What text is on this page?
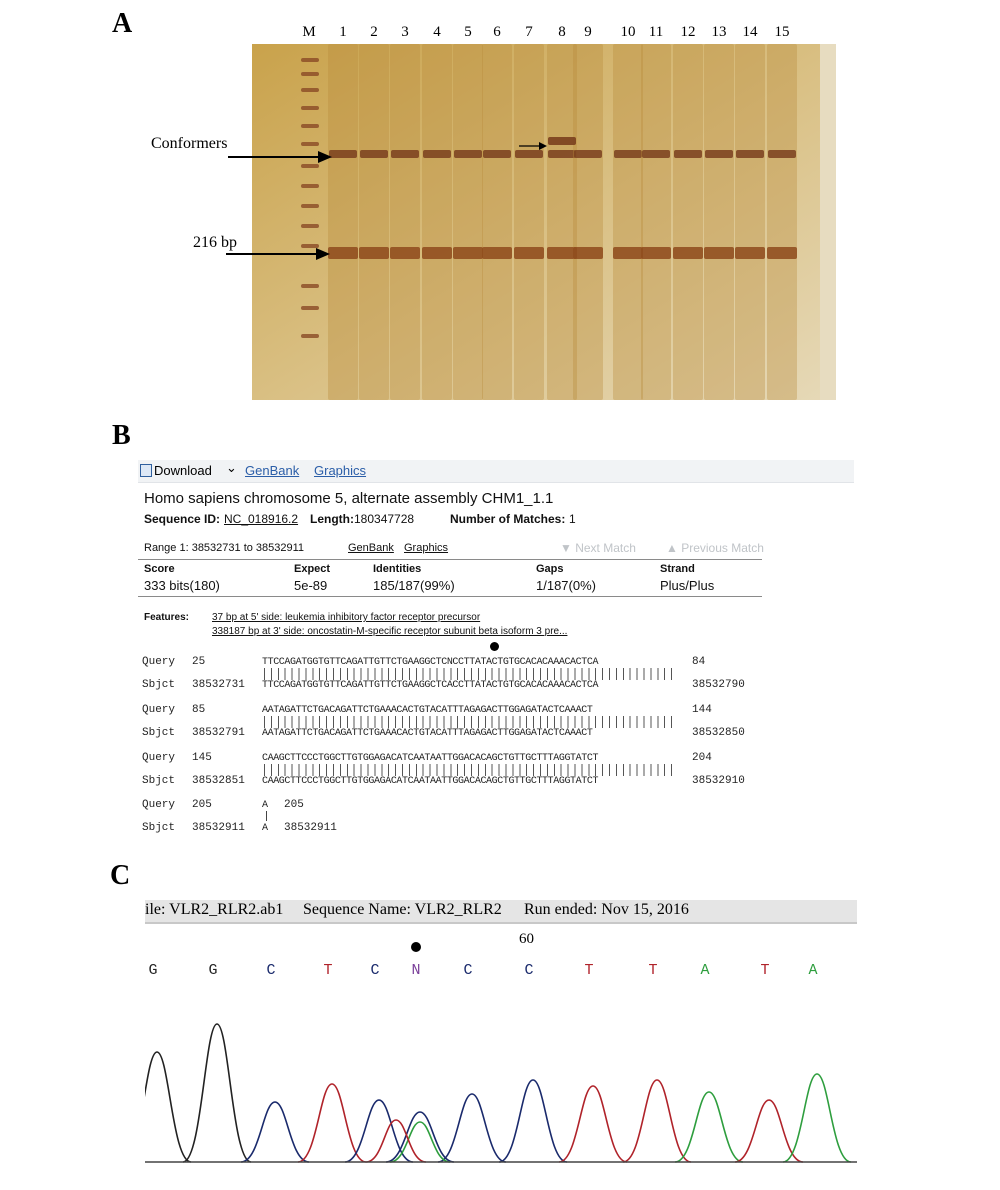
A	M 1 2 3 4 5 6 7 8 9 10 11 12 13 14 15
Conformers
216 bp
B
Download ⌄ GenBank Graphics
Homo sapiens chromosome 5, alternate assembly CHM1_1.1
Sequence ID: NC_018916.2 Length: 180347728	Number of Matches: 1
Range 1: 38532731 to 38532911	GenBank Graphics	▼ Next Match	▲ Previous Match
Score	Expect	Identities	Gaps	Strand
333 bits(180)	5e-89	185/187(99%)	1/187(0%)	Plus/Plus
Features: 37 bp at 5' side: leukemia inhibitory factor receptor precursor
338187 bp at 3' side: oncostatin-M-specific receptor subunit beta isoform 3 pre...
Query 25	TTCCAGATGGTGTTCAGATTGTTCTGAAGGCTCNCCTTATACTGTGCACACAAACACTCA	84
Sbjct 38532731 TTCCAGATGGTGTTCAGATTGTTCTGAAGGCTCACCTTATACTGTGCACACAAACACTCA	38532790
Query 85	AATAGATTCTGACAGATTCTGAAACACTGTACATTTAGAGACTTGGAGATACTCAAACT	144
Sbjct 38532791 AATAGATTCTGACAGATTCTGAAACACTGTACATTTAGAGACTTGGAGATACTCAAACT	38532850
Query 145	CAAGCTTCCCTGGCTTGTGGAGACATCAATAATTGGACACAGCTGTTGCTTTAGGTATCT	204
Sbjct 38532851 CAAGCTTCCCTGGCTTGTGGAGACATCAATAATTGGACACAGCTGTTGCTTTAGGTATCT	38532910
Query 205	A 205
Sbjct 38532911 A 38532911
C
ile: VLR2_RLR2.ab1 Sequence Name: VLR2_RLR2 Run ended: Nov 15, 2016
60
G	G	C	T	C N	C	C	T	T	A	T	A
